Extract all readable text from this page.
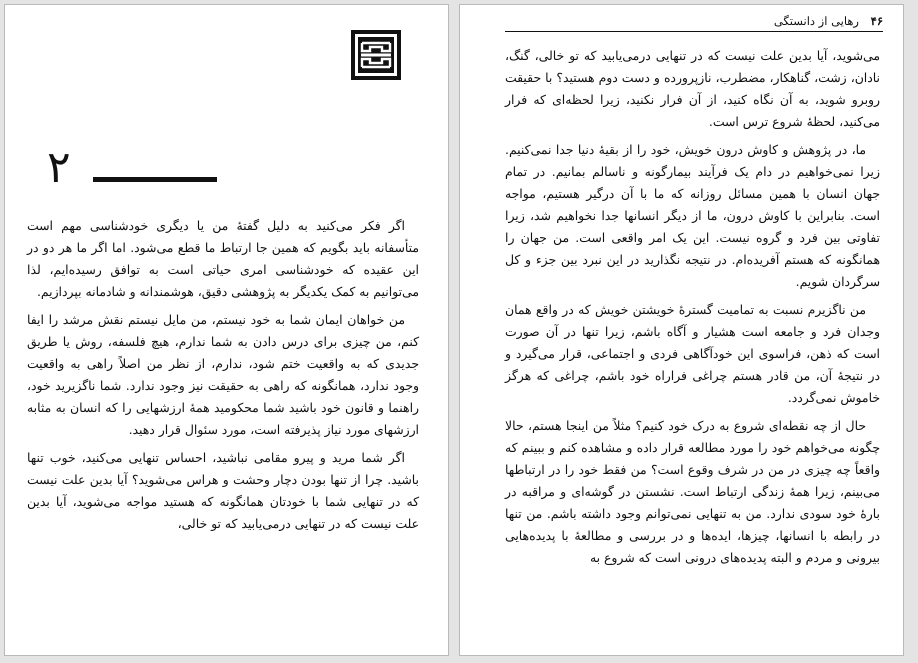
۲

اگر فکر می‌کنید به دلیل گفتهٔ من یا دیگری خودشناسی مهم است متأسفانه باید بگویم که همین جا ارتباط ما قطع می‌شود. اما اگر ما هر دو در این عقیده که خودشناسی امری حیاتی است به توافق رسیده‌ایم، لذا می‌توانیم به کمک یکدیگر به پژوهشی دقیق، هوشمندانه و شادمانه بپردازیم.

من خواهان ایمان شما به خود نیستم، من مایل نیستم نقش مرشد را ایفا کنم، من چیزی برای درس دادن به شما ندارم، هیچ فلسفه، روش یا طریق جدیدی که به واقعیت ختم شود، ندارم، از نظر من اصلاً راهی به واقعیت وجود ندارد، همانگونه که راهی به حقیقت نیز وجود ندارد. شما ناگزیرید خود، راهنما و قانون خود باشید شما محکومید همهٔ ارزشهایی را که انسان به مثابه ارزشهای مورد نیاز پذیرفته است، مورد سئوال قرار دهید.

اگر شما مرید و پیرو مقامی نباشید، احساس تنهایی می‌کنید، خوب تنها باشید. چرا از تنها بودن دچار وحشت و هراس می‌شوید؟ آیا بدین علت نیست که در تنهایی شما با خودتان همانگونه که هستید مواجه می‌شوید، آیا بدین علت نیست که در تنهایی درمی‌یابید که تو خالی،

۴۶ رهایی از دانستگی

می‌شوید، آیا بدین علت نیست که در تنهایی درمی‌یابید که تو خالی، گنگ، نادان، زشت، گناهکار، مضطرب، نازپرورده و دست دوم هستید؟ با حقیقت روبرو شوید، به آن نگاه کنید، از آن فرار نکنید، زیرا لحظه‌ای که فرار می‌کنید، لحظهٔ شروع ترس است.

ما، در پژوهش و کاوش درون خویش، خود را از بقیهٔ دنیا جدا نمی‌کنیم. زیرا نمی‌خواهیم در دام یک فرآیند بیمارگونه و ناسالم بمانیم. در تمام جهان انسان با همین مسائل روزانه که ما با آن درگیر هستیم، مواجه است. بنابراین با کاوش درون، ما از دیگر انسانها جدا نخواهیم شد، زیرا تفاوتی بین فرد و گروه نیست. این یک امر واقعی است. من جهان را همانگونه که هستم آفریده‌ام. در نتیجه نگذارید در این نبرد بین جزء و کل سرگردان شویم.

من ناگزیرم نسبت به تمامیت گسترهٔ خویشتن خویش که در واقع همان وجدان فرد و جامعه است هشیار و آگاه باشم، زیرا تنها در آن صورت است که ذهن، فراسوی این خودآگاهی فردی و اجتماعی، قرار می‌گیرد و در نتیجهٔ آن، من قادر هستم چراغی فراراه خود باشم، چراغی که هرگز خاموش نمی‌گردد.

حال از چه نقطه‌ای شروع به درک خود کنیم؟ مثلاً من اینجا هستم، حالا چگونه می‌خواهم خود را مورد مطالعه قرار داده و مشاهده کنم و ببینم که واقعاً چه چیزی در من در شرف وقوع است؟ من فقط خود را در ارتباطها می‌بینم، زیرا همهٔ زندگی ارتباط است. نشستن در گوشه‌ای و مراقبه در بارهٔ خود سودی ندارد. من به تنهایی نمی‌توانم وجود داشته باشم. من تنها در رابطه با انسانها، چیزها، ایده‌ها و در بررسی و مطالعهٔ با پدیده‌هایی بیرونی و مردم و البته پدیده‌های درونی است که شروع به
